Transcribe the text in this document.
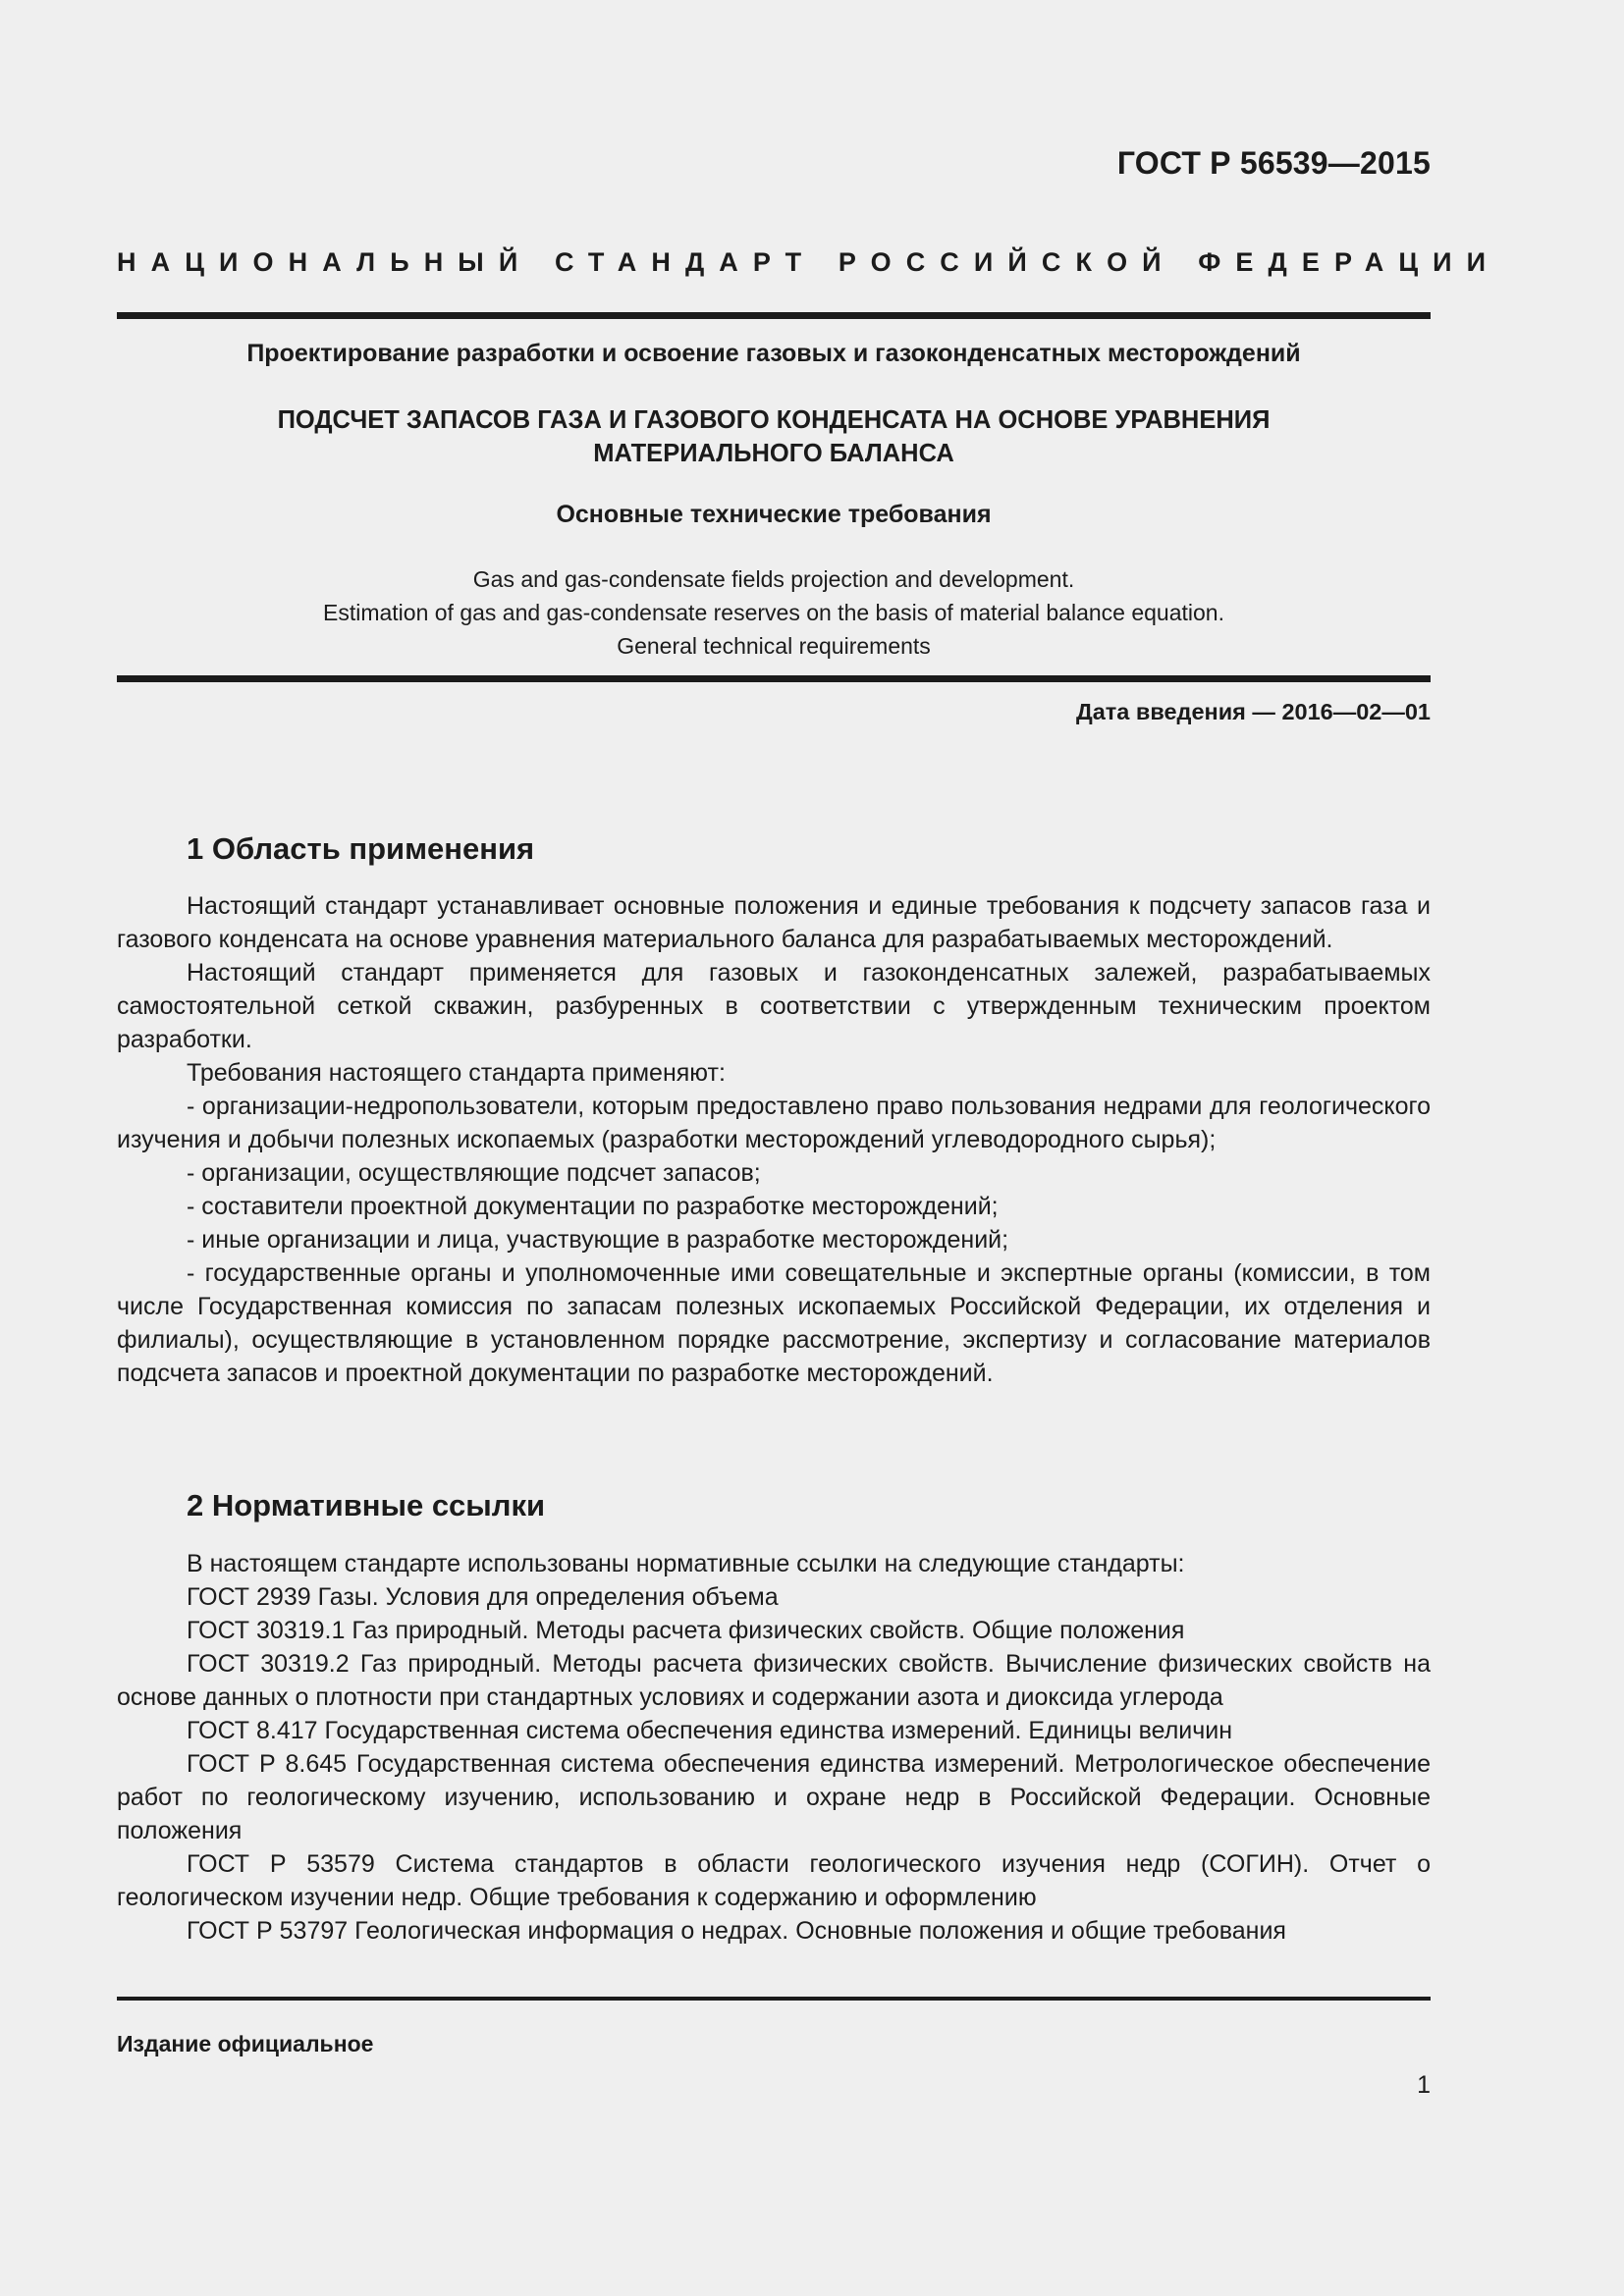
ГОСТ Р 56539—2015
НАЦИОНАЛЬНЫЙ СТАНДАРТ РОССИЙСКОЙ ФЕДЕРАЦИИ
Проектирование разработки и освоение газовых и газоконденсатных месторождений
ПОДСЧЕТ ЗАПАСОВ ГАЗА И ГАЗОВОГО КОНДЕНСАТА НА ОСНОВЕ УРАВНЕНИЯ
МАТЕРИАЛЬНОГО БАЛАНСА
Основные технические требования
Gas and gas-condensate fields projection and development.
Estimation of gas and gas-condensate reserves on the basis of material balance equation.
General technical requirements
Дата введения — 2016—02—01
1 Область применения

Настоящий стандарт устанавливает основные положения и единые требования к подсчету запасов газа и газового конденсата на основе уравнения материального баланса для разрабатываемых месторождений.

Настоящий стандарт применяется для газовых и газоконденсатных залежей, разрабатываемых самостоятельной сеткой скважин, разбуренных в соответствии с утвержденным техническим проектом разработки.

Требования настоящего стандарта применяют:

- организации-недропользователи, которым предоставлено право пользования недрами для геологического изучения и добычи полезных ископаемых (разработки месторождений углеводородного сырья);

- организации, осуществляющие подсчет запасов;

- составители проектной документации по разработке месторождений;

- иные организации и лица, участвующие в разработке месторождений;

- государственные органы и уполномоченные ими совещательные и экспертные органы (комиссии, в том числе Государственная комиссия по запасам полезных ископаемых Российской Федерации, их отделения и филиалы), осуществляющие в установленном порядке рассмотрение, экспертизу и согласование материалов подсчета запасов и проектной документации по разработке месторождений.

2 Нормативные ссылки

В настоящем стандарте использованы нормативные ссылки на следующие стандарты:

ГОСТ 2939 Газы. Условия для определения объема

ГОСТ 30319.1 Газ природный. Методы расчета физических свойств. Общие положения

ГОСТ 30319.2 Газ природный. Методы расчета физических свойств. Вычисление физических свойств на основе данных о плотности при стандартных условиях и содержании азота и диоксида углерода

ГОСТ 8.417 Государственная система обеспечения единства измерений. Единицы величин

ГОСТ Р 8.645 Государственная система обеспечения единства измерений. Метрологическое обеспечение работ по геологическому изучению, использованию и охране недр в Российской Федерации. Основные положения

ГОСТ Р 53579 Система стандартов в области геологического изучения недр (СОГИН). Отчет о геологическом изучении недр. Общие требования к содержанию и оформлению

ГОСТ Р 53797 Геологическая информация о недрах. Основные положения и общие требования

Издание официальное
1
